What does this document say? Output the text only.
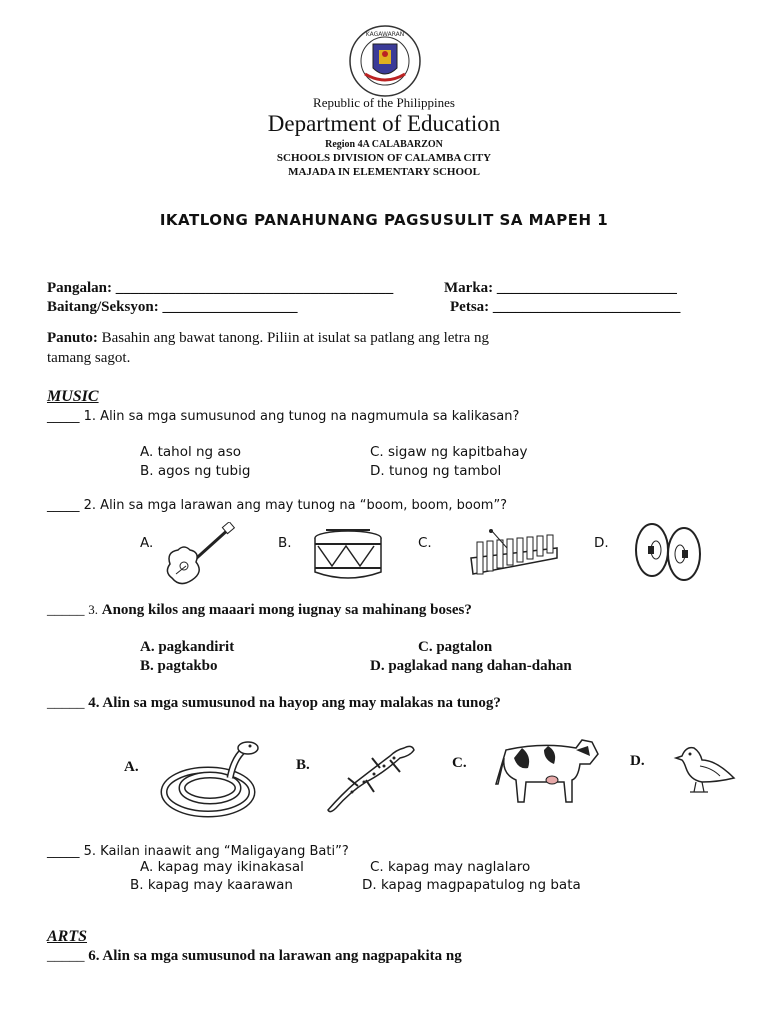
KAGAWARAN
Republic of the Philippines
Department of Education
Region 4A CALABARZON
SCHOOLS DIVISION OF CALAMBA CITY
MAJADA IN ELEMENTARY SCHOOL
IKATLONG PANAHUNANG PAGSUSULIT SA MAPEH 1
Pangalan: _____________________________________	Marka: ________________________
Baitang/Seksyon: __________________	Petsa: _________________________
Panuto: Basahin ang bawat tanong. Piliin at isulat sa patlang ang letra ng
tamang sagot.
MUSIC
_____ 1. Alin sa mga sumusunod ang tunog na nagmumula sa kalikasan?
A. tahol ng aso
B. agos ng tubig
C. sigaw ng kapitbahay
D. tunog ng tambol
_____ 2. Alin sa mga larawan ang may tunog na “boom, boom, boom”?
A.	B.	C.	D.
_____ 3. Anong kilos ang maaari mong iugnay sa mahinang boses?
A. pagkandirit
B. pagtakbo
C. pagtalon
D. paglakad nang dahan-dahan
_____ 4. Alin sa mga sumusunod na hayop ang may malakas na tunog?
A.	B.	C.	D.
_____ 5. Kailan inaawit ang “Maligayang Bati”?
A. kapag may ikinakasal
B. kapag may kaarawan
C. kapag may naglalaro
D. kapag magpapatulog ng bata
ARTS
_____ 6. Alin sa mga sumusunod na larawan ang nagpapakita ng
